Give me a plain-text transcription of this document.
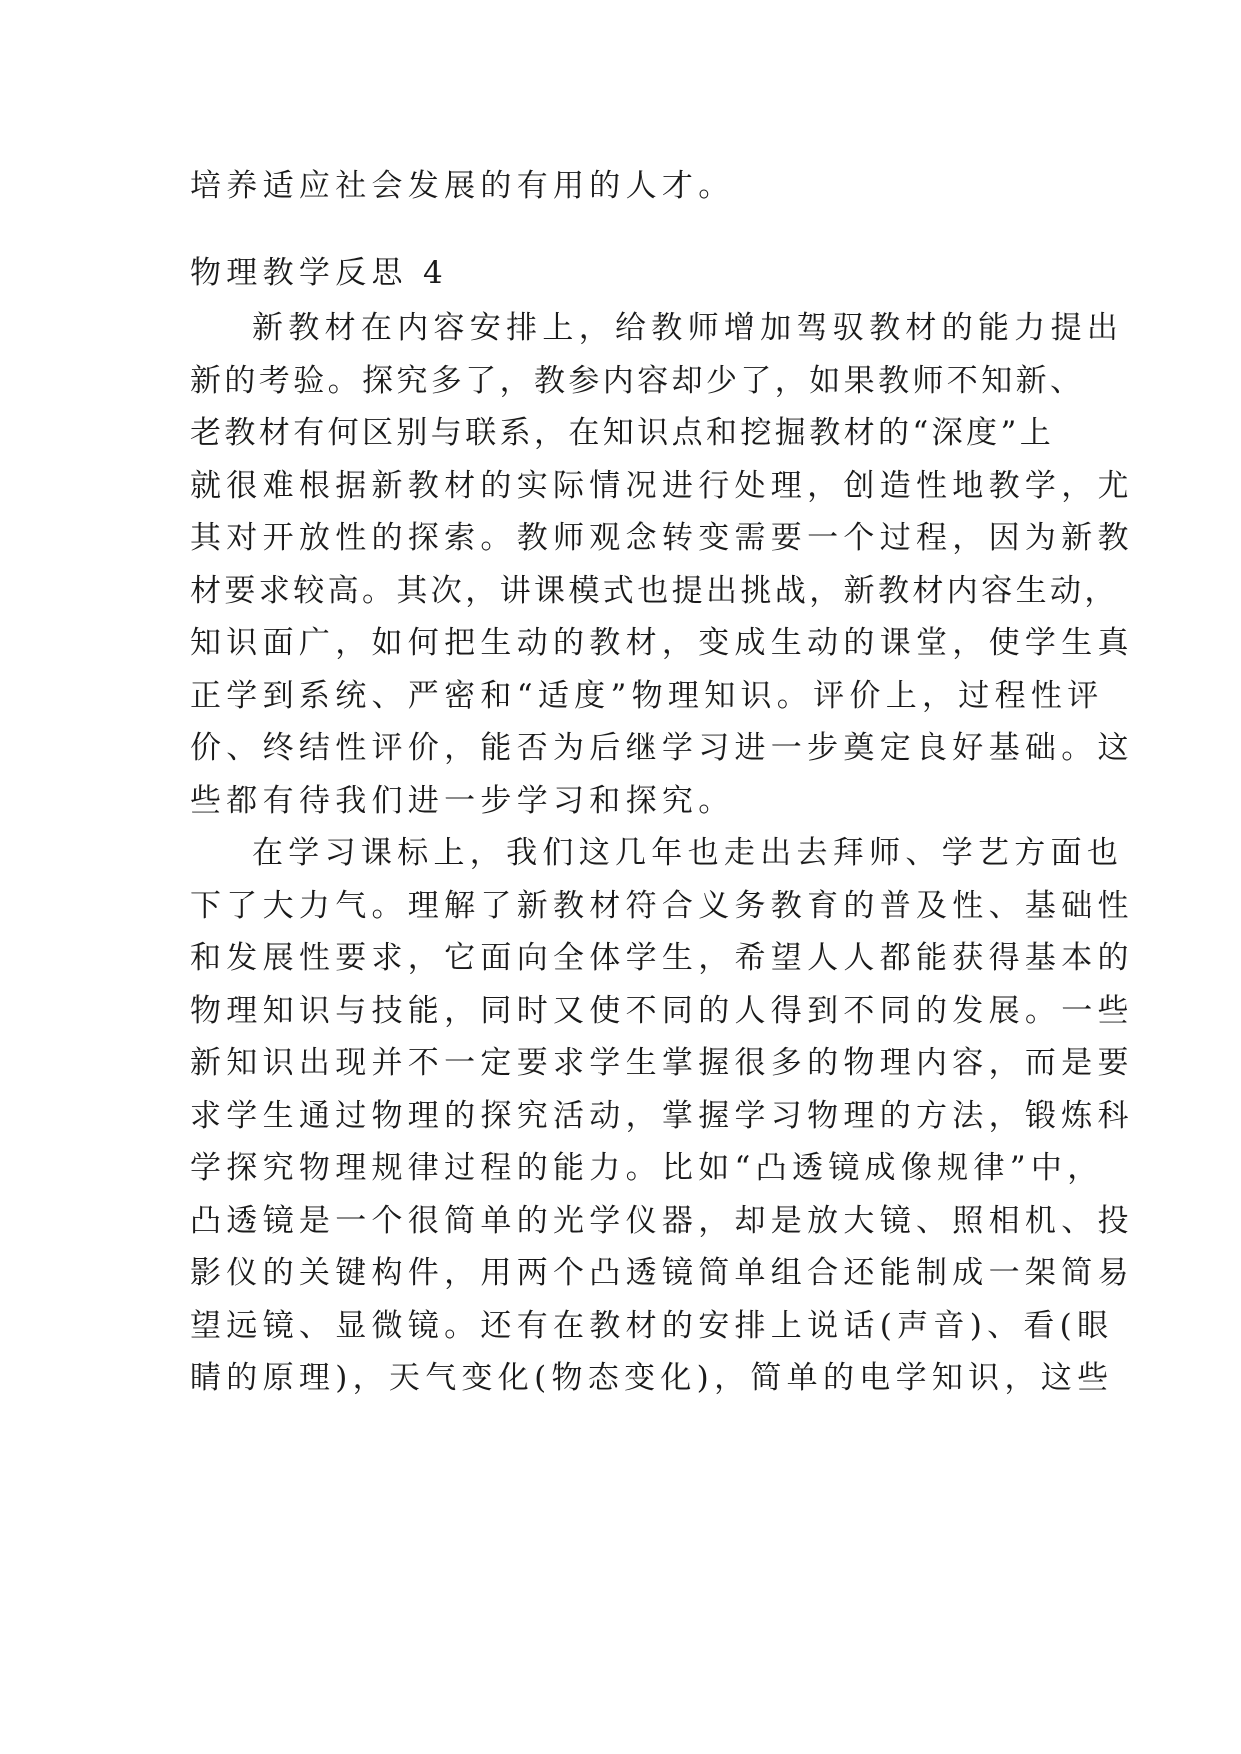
培养适应社会发展的有用的人才。
物理教学反思 4
新教材在内容安排上，给教师增加驾驭教材的能力提出
新的考验。探究多了，教参内容却少了，如果教师不知新、
老教材有何区别与联系，在知识点和挖掘教材的“深度”上
就很难根据新教材的实际情况进行处理，创造性地教学，尤
其对开放性的探索。教师观念转变需要一个过程，因为新教
材要求较高。其次，讲课模式也提出挑战，新教材内容生动，
知识面广，如何把生动的教材，变成生动的课堂，使学生真
正学到系统、严密和“适度”物理知识。评价上，过程性评
价、终结性评价，能否为后继学习进一步奠定良好基础。这
些都有待我们进一步学习和探究。
在学习课标上，我们这几年也走出去拜师、学艺方面也
下了大力气。理解了新教材符合义务教育的普及性、基础性
和发展性要求，它面向全体学生，希望人人都能获得基本的
物理知识与技能，同时又使不同的人得到不同的发展。一些
新知识出现并不一定要求学生掌握很多的物理内容，而是要
求学生通过物理的探究活动，掌握学习物理的方法，锻炼科
学探究物理规律过程的能力。比如“凸透镜成像规律”中，
凸透镜是一个很简单的光学仪器，却是放大镜、照相机、投
影仪的关键构件，用两个凸透镜简单组合还能制成一架简易
望远镜、显微镜。还有在教材的安排上说话(声音)、看(眼
睛的原理)，天气变化(物态变化)，简单的电学知识，这些
